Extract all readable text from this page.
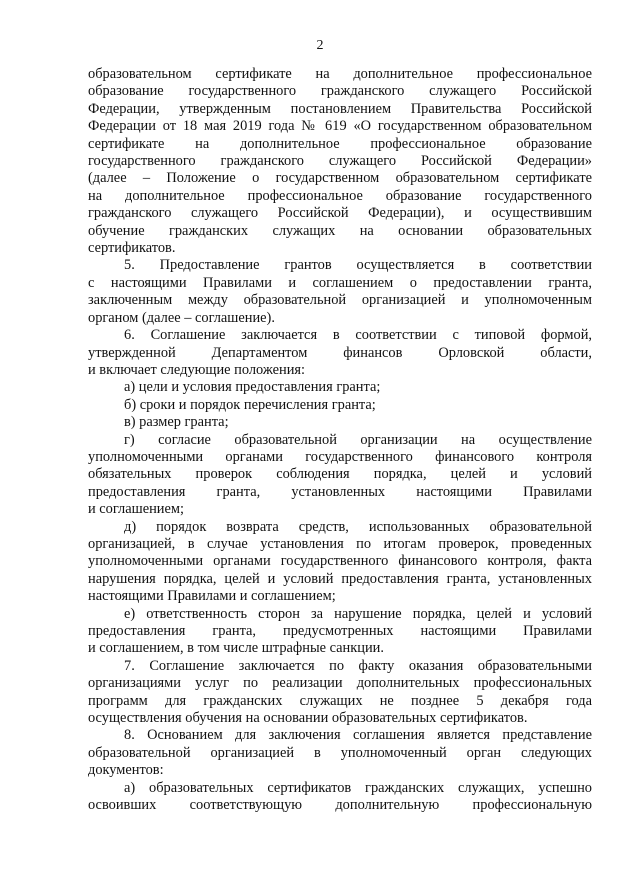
2

образовательном сертификате на дополнительное профессиональное

образование государственного гражданского служащего Российской

Федерации, утвержденным постановлением Правительства Российской

Федерации от 18 мая 2019 года № 619 «О государственном образовательном

сертификате на дополнительное профессиональное образование

государственного гражданского служащего Российской Федерации»

(далее – Положение о государственном образовательном сертификате

на дополнительное профессиональное образование государственного

гражданского служащего Российской Федерации), и осуществившим

обучение гражданских служащих на основании образовательных

сертификатов.

5. Предоставление грантов осуществляется в соответствии

с настоящими Правилами и соглашением о предоставлении гранта,

заключенным между образовательной организацией и уполномоченным

органом (далее – соглашение).

6. Соглашение заключается в соответствии с типовой формой,

утвержденной Департаментом финансов Орловской области,

и включает следующие положения:

а) цели и условия предоставления гранта;

б) сроки и порядок перечисления гранта;

в) размер гранта;

г) согласие образовательной организации на осуществление

уполномоченными органами государственного финансового контроля

обязательных проверок соблюдения порядка, целей и условий

предоставления гранта, установленных настоящими Правилами

и соглашением;

д) порядок возврата средств, использованных образовательной

организацией, в случае установления по итогам проверок, проведенных

уполномоченными органами государственного финансового контроля, факта

нарушения порядка, целей и условий предоставления гранта, установленных

настоящими Правилами и соглашением;

е) ответственность сторон за нарушение порядка, целей и условий

предоставления гранта, предусмотренных настоящими Правилами

и соглашением, в том числе штрафные санкции.

7. Соглашение заключается по факту оказания образовательными

организациями услуг по реализации дополнительных профессиональных

программ для гражданских служащих не позднее 5 декабря года

осуществления обучения на основании образовательных сертификатов.

8. Основанием для заключения соглашения является представление

образовательной организацией в уполномоченный орган следующих

документов:

а) образовательных сертификатов гражданских служащих, успешно

освоивших соответствующую дополнительную профессиональную
